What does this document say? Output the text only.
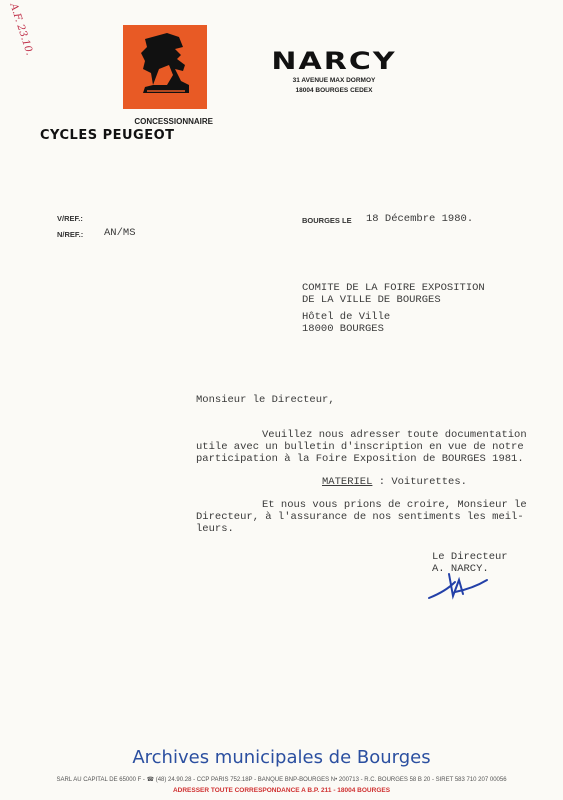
A.F. 23.10.
NARCY
31 AVENUE MAX DORMOY
18004 BOURGES CEDEX
CONCESSIONNAIRE
CYCLES PEUGEOT
V/REF.:
N/REF.: AN/MS
BOURGES LE 18 Décembre 1980.
COMITE DE LA FOIRE EXPOSITION
DE LA VILLE DE BOURGES
Hôtel de Ville
18000 BOURGES
Monsieur le Directeur,
Veuillez nous adresser toute documentation
utile avec un bulletin d'inscription en vue de notre
participation à la Foire Exposition de BOURGES 1981.
MATERIEL : Voiturettes.
Et nous vous prions de croire, Monsieur le
Directeur, à l'assurance de nos sentiments les meil-
leurs.
Le Directeur
A. NARCY.
Archives municipales de Bourges
SARL AU CAPITAL DE 65000 F - ☎ (48) 24.90.28 - CCP PARIS 752.18P - BANQUE BNP-BOURGES N• 200713 - R.C. BOURGES 58 B 20 - SIRET 583 710 207 00056
ADRESSER TOUTE CORRESPONDANCE A B.P. 211 - 18004 BOURGES
